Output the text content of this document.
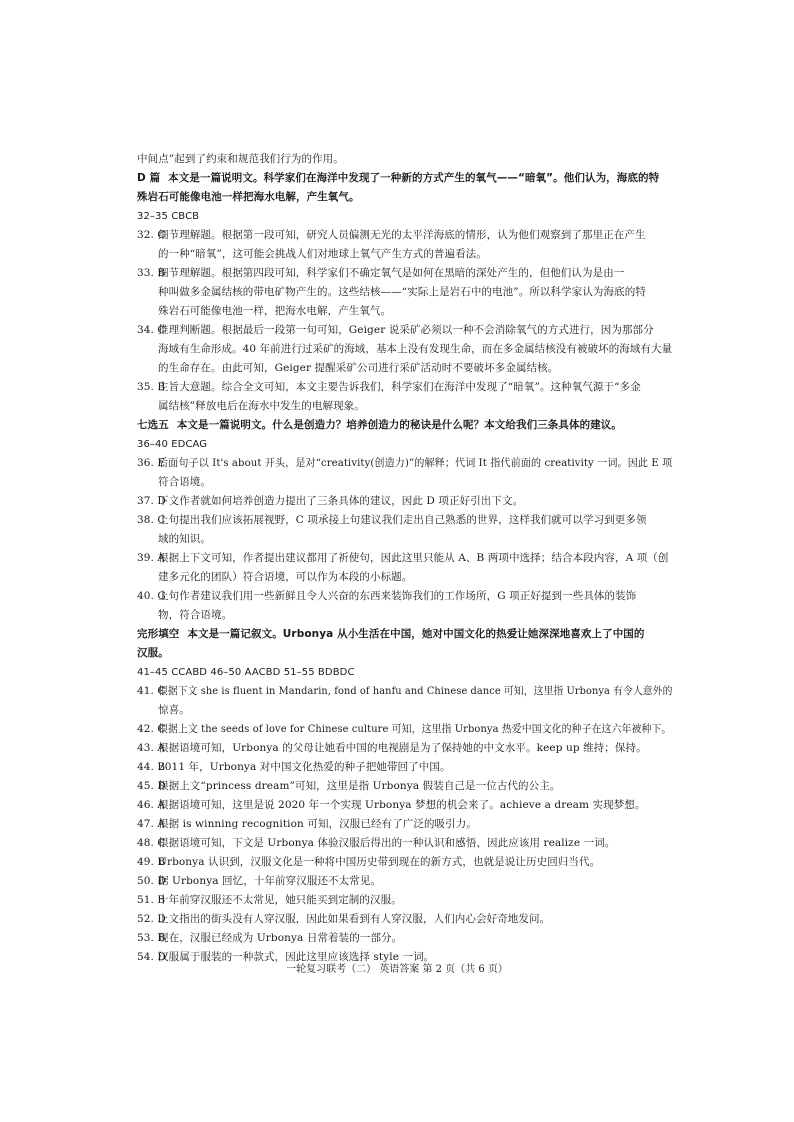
中间点”起到了约束和规范我们行为的作用。
D 篇 本文是一篇说明文。科学家们在海洋中发现了一种新的方式产生的氧气——“暗氧”。他们认为，海底的特
殊岩石可能像电池一样把海水电解，产生氧气。
32–35 CBCB
32. C
细节理解题。根据第一段可知，研究人员偏测无光的太平洋海底的情形，认为他们观察到了那里正在产生
的一种“暗氧”，这可能会挑战人们对地球上氧气产生方式的普遍看法。
33. B
细节理解题。根据第四段可知，科学家们不确定氧气是如何在黑暗的深处产生的，但他们认为是由一
种叫做多金属结核的带电矿物产生的。这些结核——“实际上是岩石中的电池”。所以科学家认为海底的特
殊岩石可能像电池一样，把海水电解，产生氧气。
34. C
推理判断题。根据最后一段第一句可知，Geiger 说采矿必须以一种不会消除氧气的方式进行，因为那部分
海域有生命形成。40 年前进行过采矿的海域，基本上没有发现生命，而在多金属结核没有被破坏的海域有大量
的生命存在。由此可知，Geiger 提醒采矿公司进行采矿活动时不要破坏多金属结核。
35. B
主旨大意题。综合全文可知，本文主要告诉我们，科学家们在海洋中发现了“暗氧”。这种氧气源于“多金
属结核”释放电后在海水中发生的电解现象。
七选五 本文是一篇说明文。什么是创造力？培养创造力的秘诀是什么呢？本文给我们三条具体的建议。
36–40 EDCAG
36. E
后面句子以 It's about 开头，是对“creativity(创造力)”的解释；代词 It 指代前面的 creativity 一词。因此 E 项
符合语境。
37. D
下文作者就如何培养创造力提出了三条具体的建议，因此 D 项正好引出下文。
38. C
上句提出我们应该拓展视野，C 项承接上句建议我们走出自己熟悉的世界，这样我们就可以学习到更多领
域的知识。
39. A
根据上下文可知，作者提出建议都用了祈使句，因此这里只能从 A、B 两项中选择；结合本段内容，A 项（创
建多元化的团队）符合语境，可以作为本段的小标题。
40. G
上句作者建议我们用一些新鲜且令人兴奋的东西来装饰我们的工作场所，G 项正好提到一些具体的装饰
物，符合语境。
完形填空 本文是一篇记叙文。Urbonya 从小生活在中国，她对中国文化的热爱让她深深地喜欢上了中国的
汉服。
41–45 CCABD 46–50 AACBD 51–55 BDBDC
41. C
根据下文 she is fluent in Mandarin, fond of hanfu and Chinese dance 可知，这里指 Urbonya 有令人意外的
惊喜。
42. C
根据上文 the seeds of love for Chinese culture 可知，这里指 Urbonya 热爱中国文化的种子在这六年被种下。
43. A
根据语境可知，Urbonya 的父母让她看中国的电视剧是为了保持她的中文水平。keep up 维持；保持。
44. B
2011 年，Urbonya 对中国文化热爱的种子把她带回了中国。
45. D
根据上文“princess dream”可知，这里是指 Urbonya 假装自己是一位古代的公主。
46. A
根据语境可知，这里是说 2020 年一个实现 Urbonya 梦想的机会来了。achieve a dream 实现梦想。
47. A
根据 is winning recognition 可知，汉服已经有了广泛的吸引力。
48. C
根据语境可知，下文是 Urbonya 体验汉服后得出的一种认识和感悟，因此应该用 realize 一词。
49. B
Urbonya 认识到，汉服文化是一种将中国历史带到现在的新方式，也就是说让历史回归当代。
50. D
据 Urbonya 回忆，十年前穿汉服还不太常见。
51. B
十年前穿汉服还不太常见，她只能买到定制的汉服。
52. D
上文指出的街头没有人穿汉服，因此如果看到有人穿汉服，人们内心会好奇地发问。
53. B
现在，汉服已经成为 Urbonya 日常着装的一部分。
54. D
汉服属于服装的一种款式，因此这里应该选择 style 一词。
一轮复习联考（二） 英语答案 第 2 页（共 6 页）
